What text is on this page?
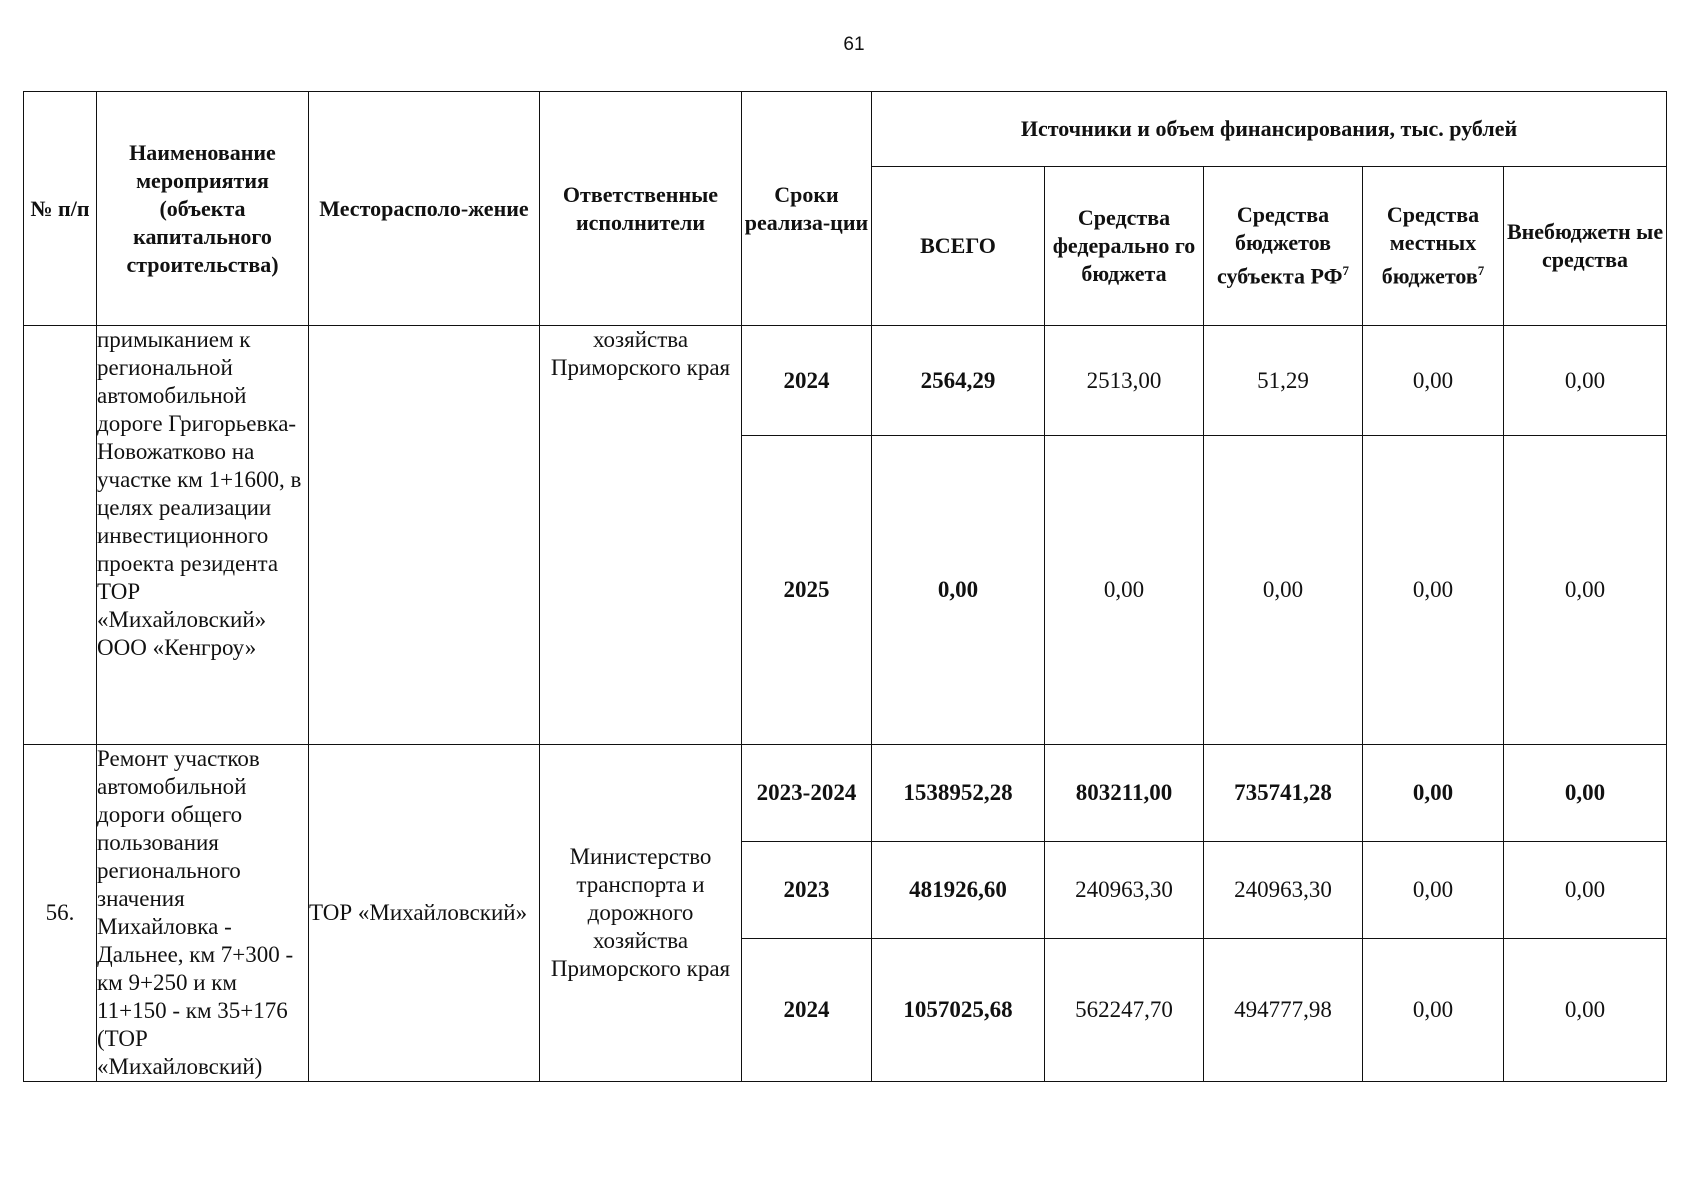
61
№ п/п	Наименование мероприятия (объекта капитального строительства)	Месторасполо-жение	Ответственные исполнители	Сроки реализа-ции	Источники и объем финансирования, тыс. рублей				
					ВСЕГО	Средства федерально го бюджета	Средства бюджетов субъекта $РФ^7$	Средства местных бюджетов$^7$	Внебюджетн ые средства
	примыканием к региональной автомобильной дороге Григорьевка-Новожатково на участке км 1+1600, в целях реализации инвестиционного проекта резидента ТОР «Михайловский» ООО «Кенгроу»		хозяйства Приморского края	2024	2564,29	2513,00	51,29	0,00	0,00
				2025	0,00	0,00	0,00	0,00	0,00
56.	Ремонт участков автомобильной дороги общего пользования регионального значения Михайловка - Дальнее, км 7+300 - км 9+250 и км 11+150 - км 35+176 (ТОР «Михайловский)	ТОР «Михайловский»	Министерство транспорта и дорожного хозяйства Приморского края	2023-2024	1538952,28	803211,00	735741,28	0,00	0,00
				2023	481926,60	240963,30	240963,30	0,00	0,00
				2024	1057025,68	562247,70	494777,98	0,00	0,00
